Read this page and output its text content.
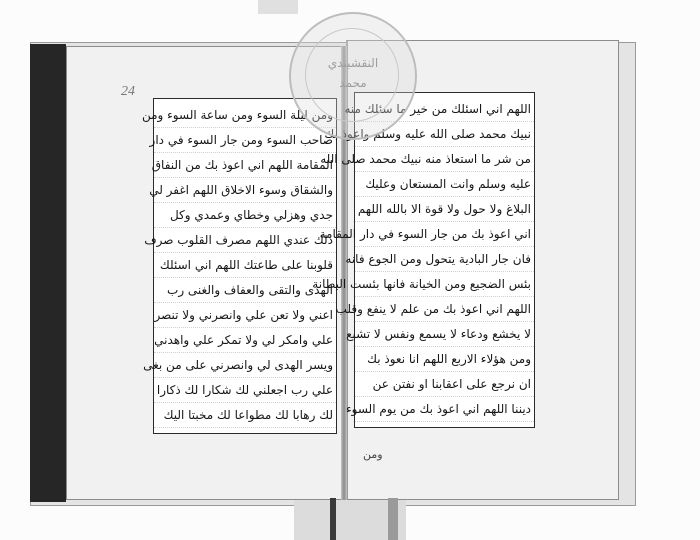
24
ومن ليلة السوء ومن ساعة السوء ومن
صاحب السوء ومن جار السوء في دار
المقامة اللهم اني اعوذ بك من النفاق
والشقاق وسوء الاخلاق اللهم اغفر لي
جدي وهزلي وخطاي وعمدي وكل
ذلك عندي اللهم مصرف القلوب صرف
قلوبنا على طاعتك اللهم اني اسئلك
الهدى والتقى والعفاف والغنى رب
اعني ولا تعن علي وانصرني ولا تنصر
علي وامكر لي ولا تمكر علي واهدني
ويسر الهدى لي وانصرني على من بغى
علي رب اجعلني لك شكارا لك ذكارا
لك رهابا لك مطواعا لك مخبتا اليك
اللهم اني اسئلك من خير ما سئلك منه
نبيك محمد صلى الله عليه وسلم واعوذ بك
من شر ما استعاذ منه نبيك محمد صلى الله
عليه وسلم وانت المستعان وعليك
البلاغ ولا حول ولا قوة الا بالله اللهم
اني اعوذ بك من جار السوء في دار المقامة
فان جار البادية يتحول ومن الجوع فانه
بئس الضجيع ومن الخيانة فانها بئست البطانة
اللهم اني اعوذ بك من علم لا ينفع وقلب
لا يخشع ودعاء لا يسمع ونفس لا تشبع
ومن هؤلاء الاربع اللهم انا نعوذ بك
ان نرجع على اعقابنا او نفتن عن
ديننا اللهم اني اعوذ بك من يوم السوء
النقشبندي
محمد
ومن
